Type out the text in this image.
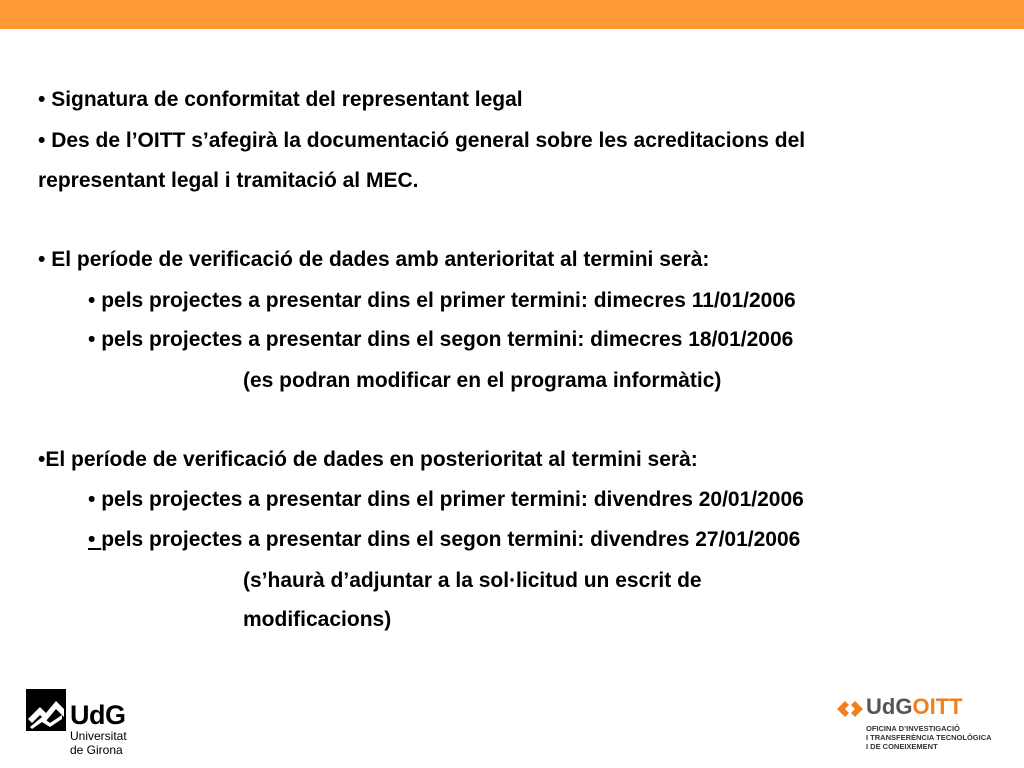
• Signatura de conformitat del representant legal
• Des de l’OITT s’afegirà la documentació general sobre les acreditacions del
representant legal i tramitació al MEC.
• El període de verificació de dades amb anterioritat al termini serà:
• pels projectes a presentar dins el primer termini: dimecres 11/01/2006
• pels projectes a presentar dins el segon termini: dimecres 18/01/2006
(es podran modificar en el programa informàtic)
•El període de verificació de dades en posterioritat al termini serà:
• pels projectes a presentar dins el primer termini: divendres 20/01/2006
• pels projectes a presentar dins el segon termini: divendres 27/01/2006
(s’haurà d’adjuntar a la sol·licitud un escrit de
modificacions)
UdG
Universitat
de Girona
UdGOITT
OFICINA D’INVESTIGACIÓ
I TRANSFERÈNCIA TECNOLÒGICA
I DE CONEIXEMENT
